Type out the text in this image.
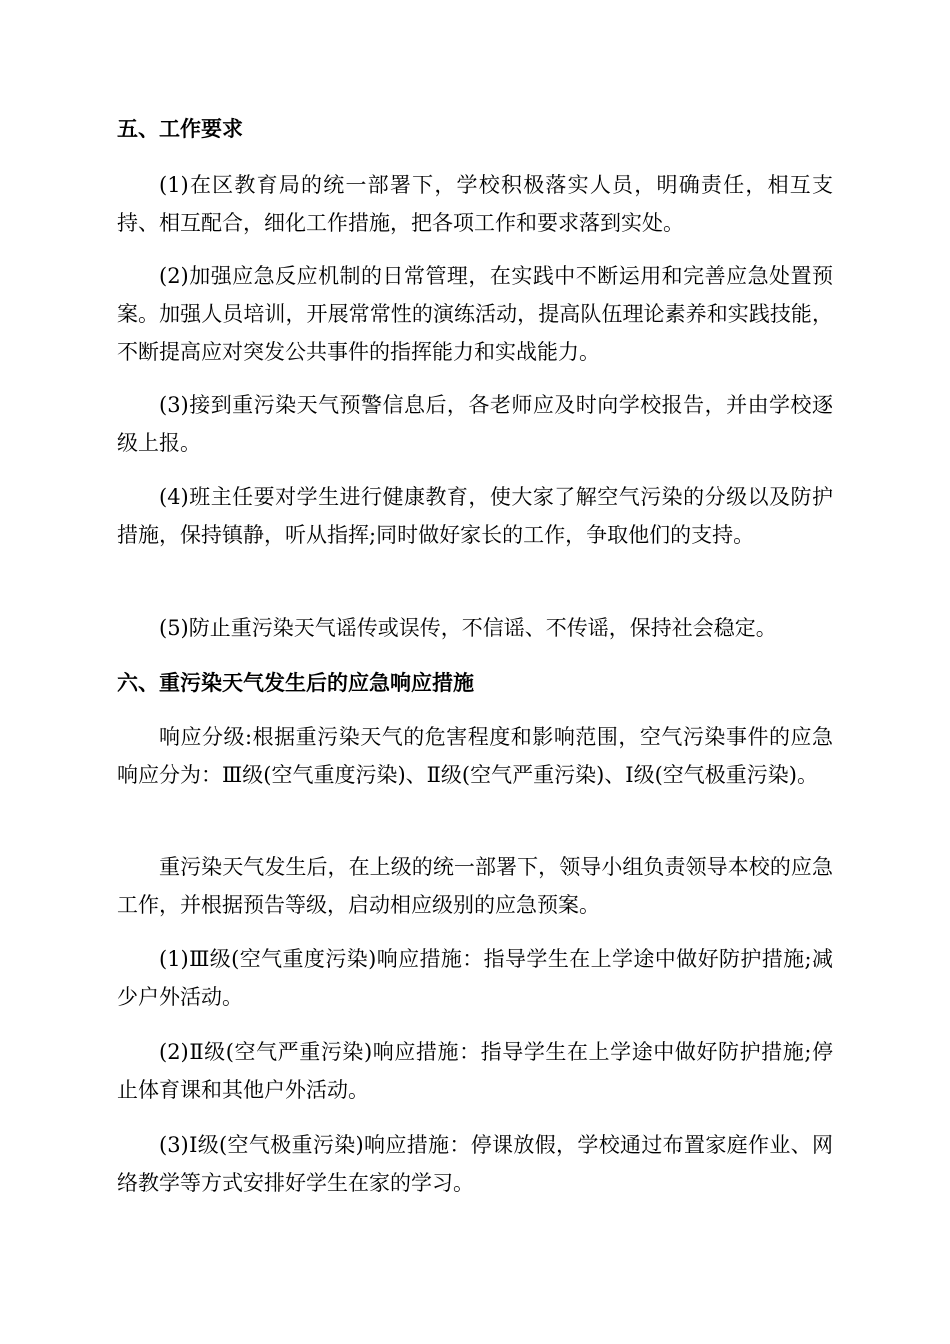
五、工作要求

(1)在区教育局的统一部署下，学校积极落实人员，明确责任，相互支持、相互配合，细化工作措施，把各项工作和要求落到实处。

(2)加强应急反应机制的日常管理，在实践中不断运用和完善应急处置预案。加强人员培训，开展常常性的演练活动，提高队伍理论素养和实践技能，不断提高应对突发公共事件的指挥能力和实战能力。

(3)接到重污染天气预警信息后，各老师应及时向学校报告，并由学校逐级上报。

(4)班主任要对学生进行健康教育，使大家了解空气污染的分级以及防护措施，保持镇静，听从指挥;同时做好家长的工作，争取他们的支持。

(5)防止重污染天气谣传或误传，不信谣、不传谣，保持社会稳定。

六、重污染天气发生后的应急响应措施

响应分级:根据重污染天气的危害程度和影响范围，空气污染事件的应急响应分为：Ⅲ级(空气重度污染)、Ⅱ级(空气严重污染)、Ⅰ级(空气极重污染)。

重污染天气发生后，在上级的统一部署下，领导小组负责领导本校的应急工作，并根据预告等级，启动相应级别的应急预案。

(1)Ⅲ级(空气重度污染)响应措施：指导学生在上学途中做好防护措施;减少户外活动。

(2)Ⅱ级(空气严重污染)响应措施：指导学生在上学途中做好防护措施;停止体育课和其他户外活动。

(3)Ⅰ级(空气极重污染)响应措施：停课放假，学校通过布置家庭作业、网络教学等方式安排好学生在家的学习。
